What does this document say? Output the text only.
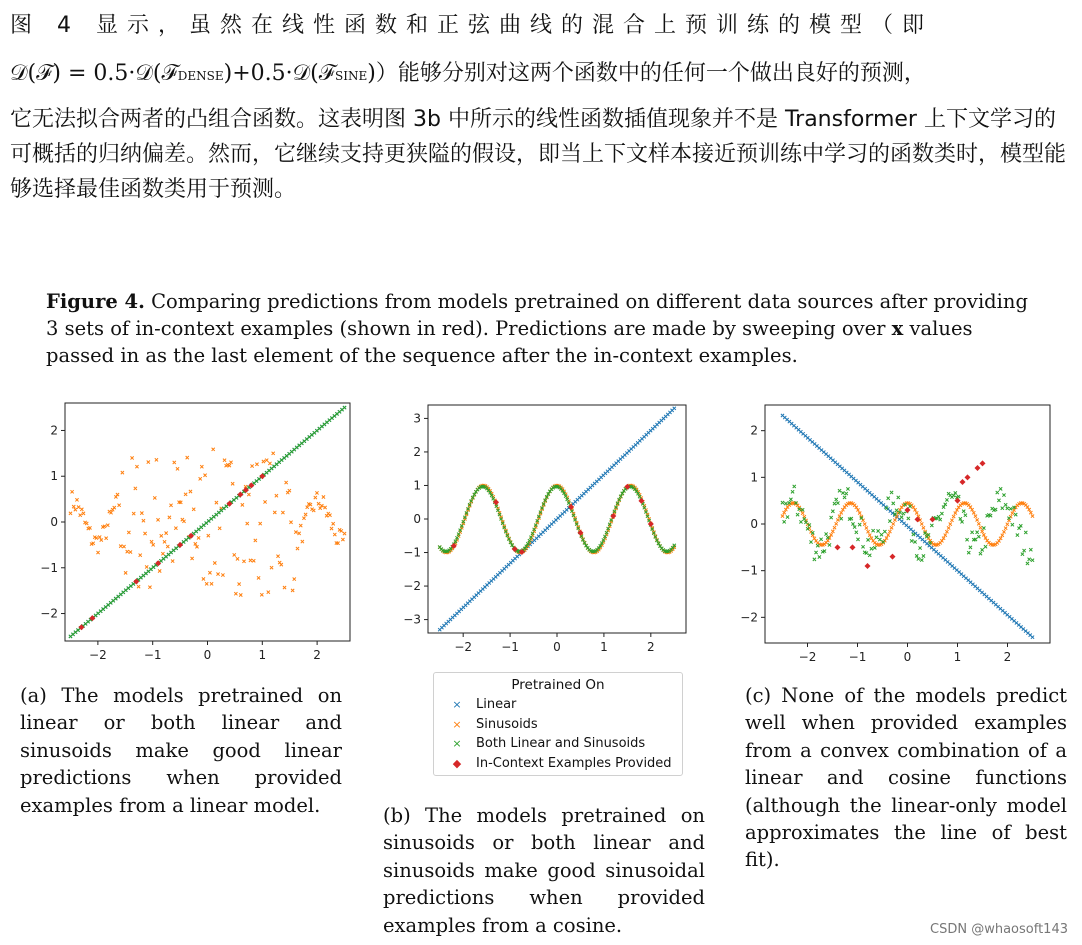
图 4 显示，虽然在线性函数和正弦曲线的混合上预训练的模型（即
𝒟(ℱ) = 0.5·𝒟(ℱDENSE)+0.5·𝒟(ℱSINE)）能够分别对这两个函数中的任何一个做出良好的预测，
它无法拟合两者的凸组合函数。这表明图 3b 中所示的线性函数插值现象并不是 Transformer 上下文学习的可概括的归纳偏差。然而，它继续支持更狭隘的假设，即当上下文样本接近预训练中学习的函数类时，模型能够选择最佳函数类用于预测。
Figure 4. Comparing predictions from models pretrained on different data sources after providing 3 sets of in-context examples (shown in red). Predictions are made by sweeping over x values passed in as the last element of the sequence after the in-context examples.
−2	−1	0	1	2
−2
−1
0
1
2
−2 −1	0	1	2
−3
−2
−1
0
1
2
3
−2	−1	0	1	2
−2
−1
0
1
2
Pretrained On
×	Linear
×	Sinusoids
×	Both Linear and Sinusoids
◆	In-Context Examples Provided
(a) The models pretrained on linear or both linear and sinusoids make good linear predictions when provided examples from a linear model.	(b) The models pretrained on sinusoids or both linear and sinusoids make good sinusoidal predictions when provided examples from a cosine.
(c) None of the models predict well when provided examples from a convex combination of a linear and cosine functions (although the linear-only model approximates the line of best fit).
CSDN @whaosoft143
